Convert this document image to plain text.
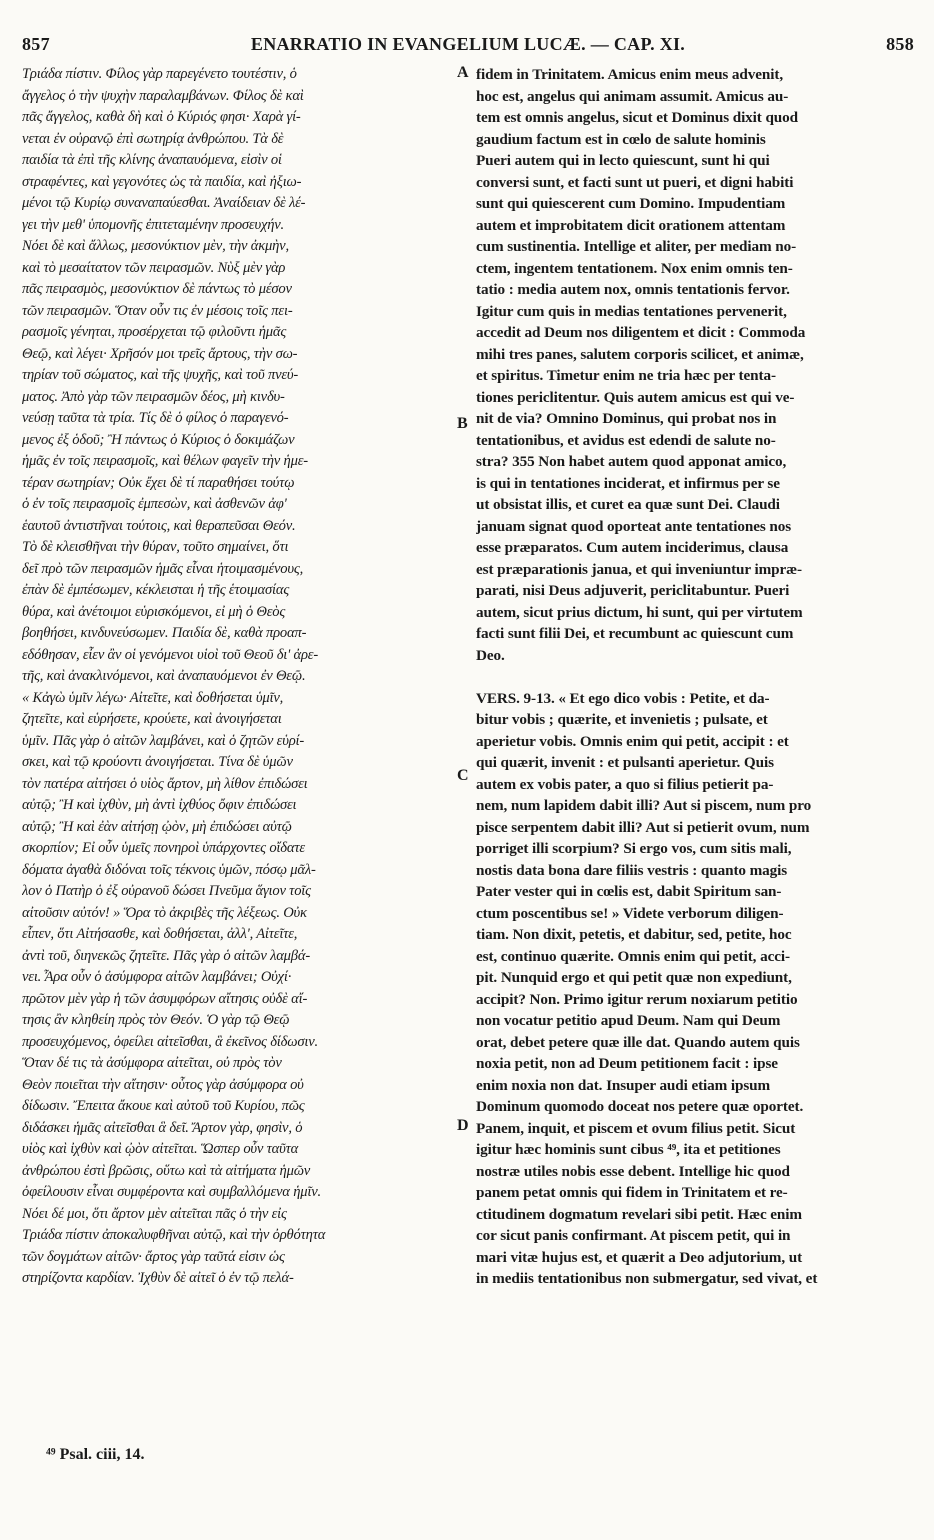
857	ENARRATIO IN EVANGELIUM LUCÆ. — CAP. XI.	858
Τριάδα πίστιν. Φίλος γὰρ παρεγένετο τουτέστιν, ὁ
ἄγγελος ὁ τὴν ψυχὴν παραλαμβάνων. Φίλος δὲ καὶ
πᾶς ἄγγελος, καθὰ δὴ καὶ ὁ Κύριός φησι· Χαρὰ γί-
νεται ἐν οὐρανῷ ἐπὶ σωτηρίᾳ ἀνθρώπου. Τὰ δὲ
παιδία τὰ ἐπὶ τῆς κλίνης ἀναπαυόμενα, εἰσὶν οἱ
στραφέντες, καὶ γεγονότες ὡς τὰ παιδία, καὶ ἠξιω-
μένοι τῷ Κυρίῳ συναναπαύεσθαι. Ἀναίδειαν δὲ λέ-
γει τὴν μεθ' ὑπομονῆς ἐπιτεταμένην προσευχήν.
Νόει δὲ καὶ ἄλλως, μεσονύκτιον μὲν, τὴν ἀκμὴν,
καὶ τὸ μεσαίτατον τῶν πειρασμῶν. Νὺξ μὲν γὰρ
πᾶς πειρασμὸς, μεσονύκτιον δὲ πάντως τὸ μέσον
τῶν πειρασμῶν. Ὅταν οὖν τις ἐν μέσοις τοῖς πει-
ρασμοῖς γένηται, προσέρχεται τῷ φιλοῦντι ἡμᾶς
Θεῷ, καὶ λέγει· Χρῆσόν μοι τρεῖς ἄρτους, τὴν σω-
τηρίαν τοῦ σώματος, καὶ τῆς ψυχῆς, καὶ τοῦ πνεύ-
ματος. Ἀπὸ γὰρ τῶν πειρασμῶν δέος, μὴ κινδυ-
νεύσῃ ταῦτα τὰ τρία. Τίς δὲ ὁ φίλος ὁ παραγενό-
μενος ἐξ ὁδοῦ; Ἢ πάντως ὁ Κύριος ὁ δοκιμάζων
ἡμᾶς ἐν τοῖς πειρασμοῖς, καὶ θέλων φαγεῖν τὴν ἡμε-
τέραν σωτηρίαν; Οὐκ ἔχει δὲ τί παραθήσει τούτῳ
ὁ ἐν τοῖς πειρασμοῖς ἐμπεσὼν, καὶ ἀσθενῶν ἀφ'
ἑαυτοῦ ἀντιστῆναι τούτοις, καὶ θεραπεῦσαι Θεόν.
Τὸ δὲ κλεισθῆναι τὴν θύραν, τοῦτο σημαίνει, ὅτι
δεῖ πρὸ τῶν πειρασμῶν ἡμᾶς εἶναι ἡτοιμασμένους,
ἐπὰν δὲ ἐμπέσωμεν, κέκλεισται ἡ τῆς ἑτοιμασίας
θύρα, καὶ ἀνέτοιμοι εὑρισκόμενοι, εἰ μὴ ὁ Θεὸς
βοηθήσει, κινδυνεύσωμεν. Παιδία δὲ, καθὰ προαπ-
εδόθησαν, εἶεν ἂν οἱ γενόμενοι υἱοὶ τοῦ Θεοῦ δι' ἀρε-
τῆς, καὶ ἀνακλινόμενοι, καὶ ἀναπαυόμενοι ἐν Θεῷ.
« Κἀγὼ ὑμῖν λέγω· Αἰτεῖτε, καὶ δοθήσεται ὑμῖν,
ζητεῖτε, καὶ εὑρήσετε, κρούετε, καὶ ἀνοιγήσεται
ὑμῖν. Πᾶς γὰρ ὁ αἰτῶν λαμβάνει, καὶ ὁ ζητῶν εὑρί-
σκει, καὶ τῷ κρούοντι ἀνοιγήσεται. Τίνα δὲ ὑμῶν
τὸν πατέρα αἰτήσει ὁ υἱὸς ἄρτον, μὴ λίθον ἐπιδώσει
αὐτῷ; Ἢ καὶ ἰχθὺν, μὴ ἀντὶ ἰχθύος ὄφιν ἐπιδώσει
αὐτῷ; Ἢ καὶ ἐὰν αἰτήσῃ ᾠὸν, μὴ ἐπιδώσει αὐτῷ
σκορπίον; Εἰ οὖν ὑμεῖς πονηροὶ ὑπάρχοντες οἴδατε
δόματα ἀγαθὰ διδόναι τοῖς τέκνοις ὑμῶν, πόσῳ μᾶλ-
λον ὁ Πατὴρ ὁ ἐξ οὐρανοῦ δώσει Πνεῦμα ἅγιον τοῖς
αἰτοῦσιν αὐτόν! » Ὅρα τὸ ἀκριβὲς τῆς λέξεως. Οὐκ
εἶπεν, ὅτι Αἰτήσασθε, καὶ δοθήσεται, ἀλλ', Αἰτεῖτε,
ἀντὶ τοῦ, διηνεκῶς ζητεῖτε. Πᾶς γὰρ ὁ αἰτῶν λαμβά-
νει. Ἆρα οὖν ὁ ἀσύμφορα αἰτῶν λαμβάνει; Οὐχί·
πρῶτον μὲν γὰρ ἡ τῶν ἀσυμφόρων αἴτησις οὐδὲ αἴ-
τησις ἂν κληθείη πρὸς τὸν Θεόν. Ὁ γὰρ τῷ Θεῷ
προσευχόμενος, ὀφείλει αἰτεῖσθαι, ἃ ἐκεῖνος δίδωσιν.
Ὅταν δέ τις τὰ ἀσύμφορα αἰτεῖται, οὐ πρὸς τὸν
Θεὸν ποιεῖται τὴν αἴτησιν· οὗτος γὰρ ἀσύμφορα οὐ
δίδωσιν. Ἔπειτα ἄκουε καὶ αὐτοῦ τοῦ Κυρίου, πῶς
διδάσκει ἡμᾶς αἰτεῖσθαι ἃ δεῖ. Ἄρτον γὰρ, φησὶν, ὁ
υἱὸς καὶ ἰχθὺν καὶ ᾠὸν αἰτεῖται. Ὥσπερ οὖν ταῦτα
ἀνθρώπου ἐστὶ βρῶσις, οὕτω καὶ τὰ αἰτήματα ἡμῶν
ὀφείλουσιν εἶναι συμφέροντα καὶ συμβαλλόμενα ἡμῖν.
Νόει δέ μοι, ὅτι ἄρτον μὲν αἰτεῖται πᾶς ὁ τὴν εἰς
Τριάδα πίστιν ἀποκαλυφθῆναι αὐτῷ, καὶ τὴν ὀρθότητα
τῶν δογμάτων αἰτῶν· ἄρτος γὰρ ταῦτά εἰσιν ὡς
στηρίζοντα καρδίαν. Ἰχθὺν δὲ αἰτεῖ ὁ ἐν τῷ πελά-
fidem in Trinitatem. Amicus enim meus advenit,
hoc est, angelus qui animam assumit. Amicus au-
tem est omnis angelus, sicut et Dominus dixit quod
gaudium factum est in cœlo de salute hominis
Pueri autem qui in lecto quiescunt, sunt hi qui
conversi sunt, et facti sunt ut pueri, et digni habiti
sunt qui quiescerent cum Domino. Impudentiam
autem et improbitatem dicit orationem attentam
cum sustinentia. Intellige et aliter, per mediam no-
ctem, ingentem tentationem. Nox enim omnis ten-
tatio : media autem nox, omnis tentationis fervor.
Igitur cum quis in medias tentationes pervenerit,
accedit ad Deum nos diligentem et dicit : Commoda
mihi tres panes, salutem corporis scilicet, et animæ,
et spiritus. Timetur enim ne tria hæc per tenta-
tiones periclitentur. Quis autem amicus est qui ve-
nit de via? Omnino Dominus, qui probat nos in
tentationibus, et avidus est edendi de salute no-
stra? 355 Non habet autem quod apponat amico,
is qui in tentationes inciderat, et infirmus per se
ut obsistat illis, et curet ea quæ sunt Dei. Claudi
januam signat quod oporteat ante tentationes nos
esse præparatos. Cum autem inciderimus, clausa
est præparationis janua, et qui inveniuntur impræ-
parati, nisi Deus adjuverit, periclitabuntur. Pueri
autem, sicut prius dictum, hi sunt, qui per virtutem
facti sunt filii Dei, et recumbunt ac quiescunt cum
Deo.
VERS. 9-13. « Et ego dico vobis : Petite, et da-
bitur vobis ; quærite, et invenietis ; pulsate, et
aperietur vobis. Omnis enim qui petit, accipit : et
qui quærit, invenit : et pulsanti aperietur. Quis
autem ex vobis pater, a quo si filius petierit pa-
nem, num lapidem dabit illi? Aut si piscem, num pro
pisce serpentem dabit illi? Aut si petierit ovum, num
porriget illi scorpium? Si ergo vos, cum sitis mali,
nostis data bona dare filiis vestris : quanto magis
Pater vester qui in cœlis est, dabit Spiritum san-
ctum poscentibus se! » Videte verborum diligen-
tiam. Non dixit, petetis, et dabitur, sed, petite, hoc
est, continuo quærite. Omnis enim qui petit, acci-
pit. Nunquid ergo et qui petit quæ non expediunt,
accipit? Non. Primo igitur rerum noxiarum petitio
non vocatur petitio apud Deum. Nam qui Deum
orat, debet petere quæ ille dat. Quando autem quis
noxia petit, non ad Deum petitionem facit : ipse
enim noxia non dat. Insuper audi etiam ipsum
Dominum quomodo doceat nos petere quæ oportet.
Panem, inquit, et piscem et ovum filius petit. Sicut
igitur hæc hominis sunt cibus ⁴⁹, ita et petitiones
nostræ utiles nobis esse debent. Intellige hic quod
panem petat omnis qui fidem in Trinitatem et re-
ctitudinem dogmatum revelari sibi petit. Hæc enim
cor sicut panis confirmant. At piscem petit, qui in
mari vitæ hujus est, et quærit a Deo adjutorium, ut
in mediis tentationibus non submergatur, sed vivat, et
A
B
C
D
⁴⁹ Psal. ciii, 14.
